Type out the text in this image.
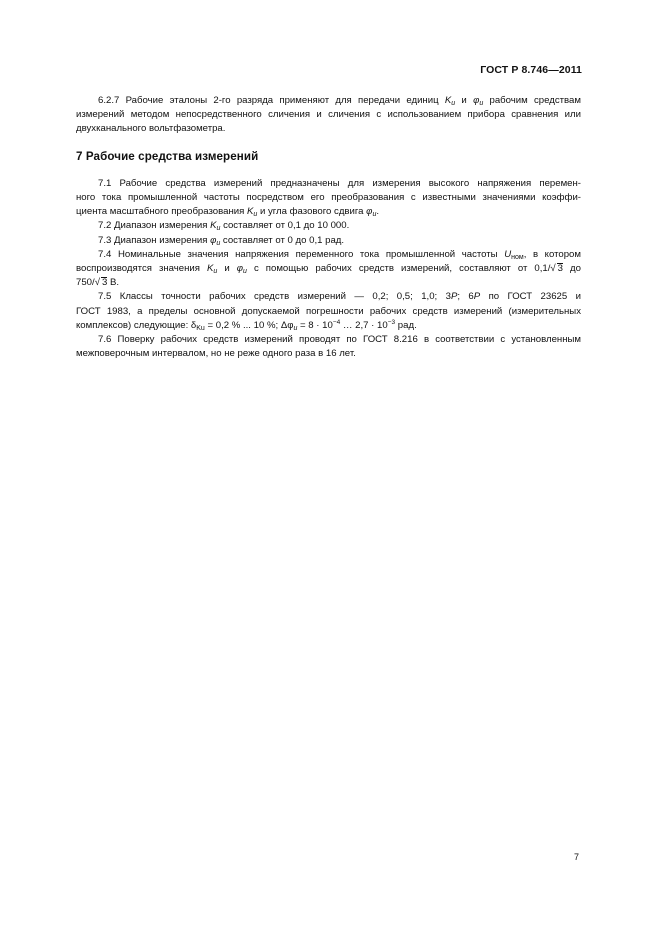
ГОСТ Р 8.746—2011
6.2.7 Рабочие эталоны 2-го разряда применяют для передачи единиц $K_u$ и $\varphi_u$ рабочим средствам
измерений методом непосредственного сличения и сличения с использованием прибора сравнения или
двухканального вольтфазометра.
7 Рабочие средства измерений
7.1 Рабочие средства измерений предназначены для измерения высокого напряжения перемен-
ного тока промышленной частоты посредством его преобразования с известными значениями коэффи-
циента масштабного преобразования $K_u$ и угла фазового сдвига $\varphi_u$.
7.2 Диапазон измерения $K_u$ составляет от 0,1 до 10 000.
7.3 Диапазон измерения $\varphi_u$ составляет от 0 до 0,1 рад.
7.4 Номинальные значения напряжения переменного тока промышленной частоты $U_{ном}$, в котором
воспроизводятся значения $K_u$ и $\varphi_u$ с помощью рабочих средств измерений, составляют от 0,1/√ 3 до
750/√ 3 В.
7.5 Классы точности рабочих средств измерений — 0,2; 0,5; 1,0; 3P; 6P по ГОСТ 23625 и
ГОСТ 1983, а пределы основной допускаемой погрешности рабочих средств измерений (измерительных
комплексов) следующие: $\delta_{Ku} = 0,2$ % ... 10 %; $\Delta\varphi_u = 8 \cdot 10^{-4}$ … $2,7 \cdot 10^{-3}$ рад.
7.6 Поверку рабочих средств измерений проводят по ГОСТ 8.216 в соответствии с установленным
межповерочным интервалом, но не реже одного раза в 16 лет.
7
